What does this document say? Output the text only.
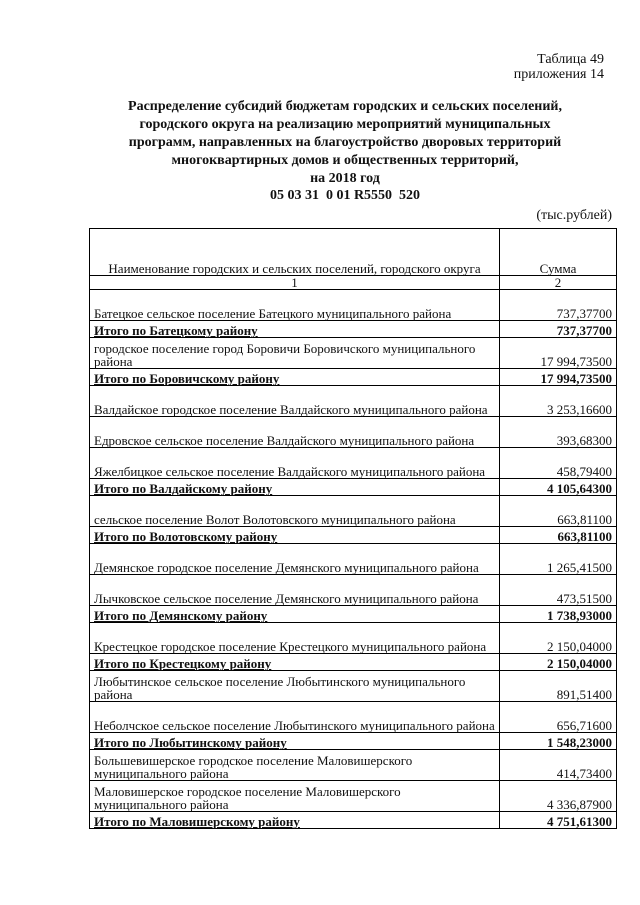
Таблица 49
приложения 14
Распределение субсидий бюджетам городских и сельских поселений,
городского округа на реализацию мероприятий муниципальных
программ, направленных на благоустройство дворовых территорий
многоквартирных домов и общественных территорий,
на 2018 год
05 03 31  0 01 R5550  520
(тыс.рублей)
Наименование городских и сельских поселений, городского округа	Сумма
1	2
Батецкое сельское поселение Батецкого муниципального района	737,37700
Итого по Батецкому району	737,37700
городское поселение город Боровичи Боровичского муниципального района	17 994,73500
Итого по Боровичскому району	17 994,73500
Валдайское городское поселение Валдайского муниципального района	3 253,16600
Едровское сельское поселение Валдайского муниципального района	393,68300
Яжелбицкое сельское поселение Валдайского муниципального района	458,79400
Итого по Валдайскому району	4 105,64300
сельское поселение Волот Волотовского муниципального района	663,81100
Итого по Волотовскому району	663,81100
Демянское городское поселение Демянского муниципального района	1 265,41500
Лычковское сельское поселение Демянского муниципального района	473,51500
Итого по Демянскому району	1 738,93000
Крестецкое городское поселение Крестецкого муниципального района	2 150,04000
Итого по Крестецкому району	2 150,04000
Любытинское сельское поселение Любытинского муниципального района	891,51400
Неболчское сельское поселение Любытинского муниципального района	656,71600
Итого по Любытинскому району	1 548,23000
Большевишерское городское поселение Маловишерского муниципального района	414,73400
Маловишерское городское поселение Маловишерского муниципального района	4 336,87900
Итого по Маловишерскому району	4 751,61300
